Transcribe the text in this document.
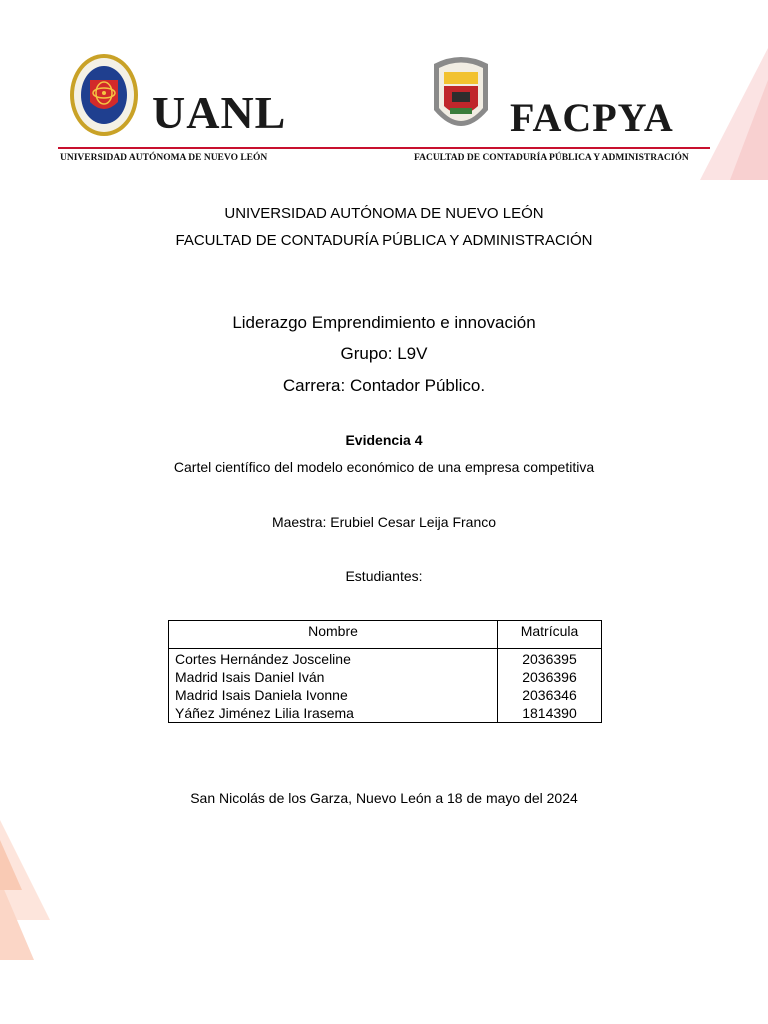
UANL	FACPYA
UNIVERSIDAD AUTÓNOMA DE NUEVO LEÓN	FACULTAD DE CONTADURÍA PÚBLICA Y ADMINISTRACIÓN
UNIVERSIDAD AUTÓNOMA DE NUEVO LEÓN
FACULTAD DE CONTADURÍA PÚBLICA Y ADMINISTRACIÓN
Liderazgo Emprendimiento e innovación
Grupo: L9V
Carrera: Contador Público.
Evidencia 4
Cartel científico del modelo económico de una empresa competitiva
Maestra: Erubiel Cesar Leija Franco
Estudiantes:
Nombre	Matrícula
Cortes Hernández Josceline	2036395
Madrid Isais Daniel Iván	2036396
Madrid Isais Daniela Ivonne	2036346
Yáñez Jiménez Lilia Irasema	1814390
San Nicolás de los Garza, Nuevo León a 18 de mayo del 2024
